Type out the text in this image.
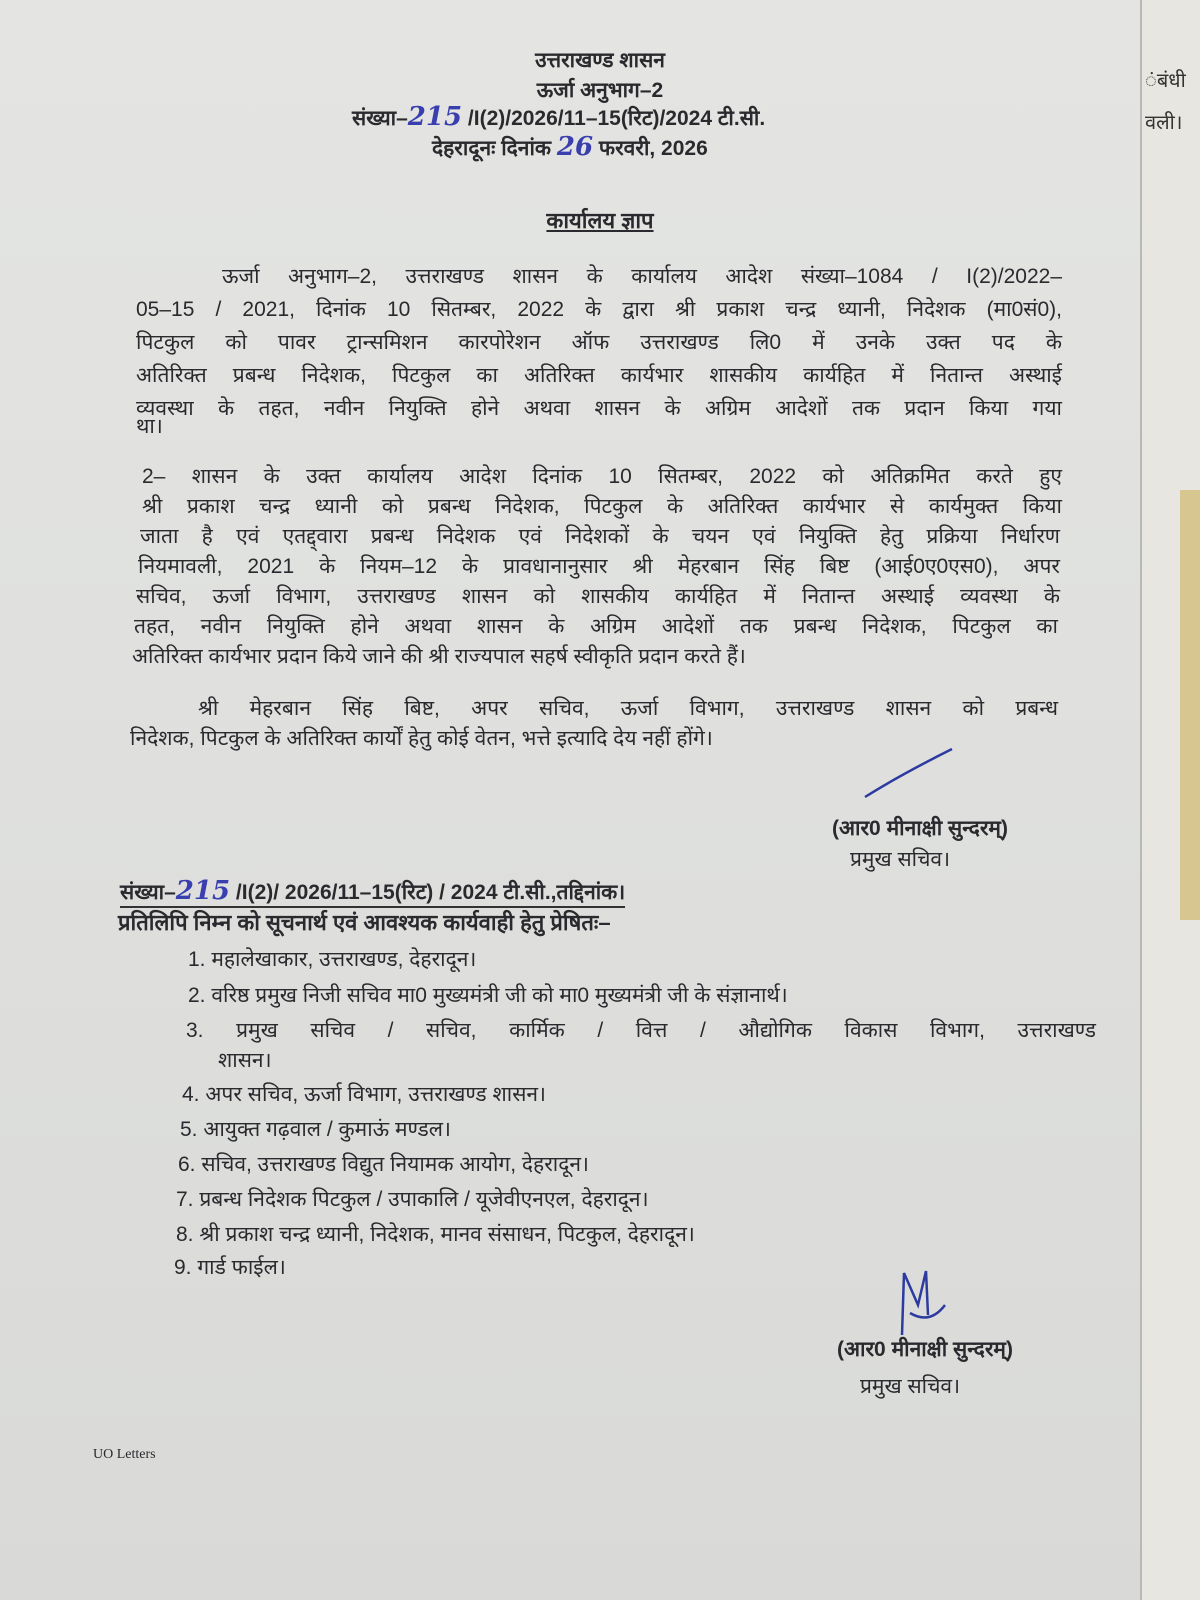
ंबंधी
वली।
उत्तराखण्ड शासन
ऊर्जा अनुभाग–2
संख्या–215 /I(2)/2026/11–15(रिट)/2024 टी.सी.
देहरादूनः दिनांक 26 फरवरी, 2026
कार्यालय ज्ञाप
ऊर्जा अनुभाग–2, उत्तराखण्ड शासन के कार्यालय आदेश संख्या–1084 / I(2)/2022–
05–15 / 2021, दिनांक 10 सितम्बर, 2022 के द्वारा श्री प्रकाश चन्द्र ध्यानी, निदेशक (मा0सं0),
पिटकुल को पावर ट्रान्समिशन कारपोरेशन ऑफ उत्तराखण्ड लि0 में उनके उक्त पद के
अतिरिक्त प्रबन्ध निदेशक, पिटकुल का अतिरिक्त कार्यभार शासकीय कार्यहित में नितान्त अस्थाई
व्यवस्था के तहत, नवीन नियुक्ति होने अथवा शासन के अग्रिम आदेशों तक प्रदान किया गया
था।
2– शासन के उक्त कार्यालय आदेश दिनांक 10 सितम्बर, 2022 को अतिक्रमित करते हुए
श्री प्रकाश चन्द्र ध्यानी को प्रबन्ध निदेशक, पिटकुल के अतिरिक्त कार्यभार से कार्यमुक्त किया
जाता है एवं एतद्द्वारा प्रबन्ध निदेशक एवं निदेशकों के चयन एवं नियुक्ति हेतु प्रक्रिया निर्धारण
नियमावली, 2021 के नियम–12 के प्रावधानानुसार श्री मेहरबान सिंह बिष्ट (आई0ए0एस0), अपर
सचिव, ऊर्जा विभाग, उत्तराखण्ड शासन को शासकीय कार्यहित में नितान्त अस्थाई व्यवस्था के
तहत, नवीन नियुक्ति होने अथवा शासन के अग्रिम आदेशों तक प्रबन्ध निदेशक, पिटकुल का
अतिरिक्त कार्यभार प्रदान किये जाने की श्री राज्यपाल सहर्ष स्वीकृति प्रदान करते हैं।
श्री मेहरबान सिंह बिष्ट, अपर सचिव, ऊर्जा विभाग, उत्तराखण्ड शासन को प्रबन्ध
निदेशक, पिटकुल के अतिरिक्त कार्यों हेतु कोई वेतन, भत्ते इत्यादि देय नहीं होंगे।
(आर0 मीनाक्षी सुन्दरम्)
प्रमुख सचिव।
संख्या–215 /I(2)/ 2026/11–15(रिट) / 2024 टी.सी.,तद्दिनांक।
प्रतिलिपि निम्न को सूचनार्थ एवं आवश्यक कार्यवाही हेतु प्रेषितः–
1. महालेखाकार, उत्तराखण्ड, देहरादून।
2. वरिष्ठ प्रमुख निजी सचिव मा0 मुख्यमंत्री जी को मा0 मुख्यमंत्री जी के संज्ञानार्थ।
3. प्रमुख सचिव / सचिव, कार्मिक / वित्त / औद्योगिक विकास विभाग, उत्तराखण्ड
शासन।
4. अपर सचिव, ऊर्जा विभाग, उत्तराखण्ड शासन।
5. आयुक्त गढ़वाल / कुमाऊं मण्डल।
6. सचिव, उत्तराखण्ड विद्युत नियामक आयोग, देहरादून।
7. प्रबन्ध निदेशक पिटकुल / उपाकालि / यूजेवीएनएल, देहरादून।
8. श्री प्रकाश चन्द्र ध्यानी, निदेशक, मानव संसाधन, पिटकुल, देहरादून।
9. गार्ड फाईल।
(आर0 मीनाक्षी सुन्दरम्)
प्रमुख सचिव।
UO Letters
